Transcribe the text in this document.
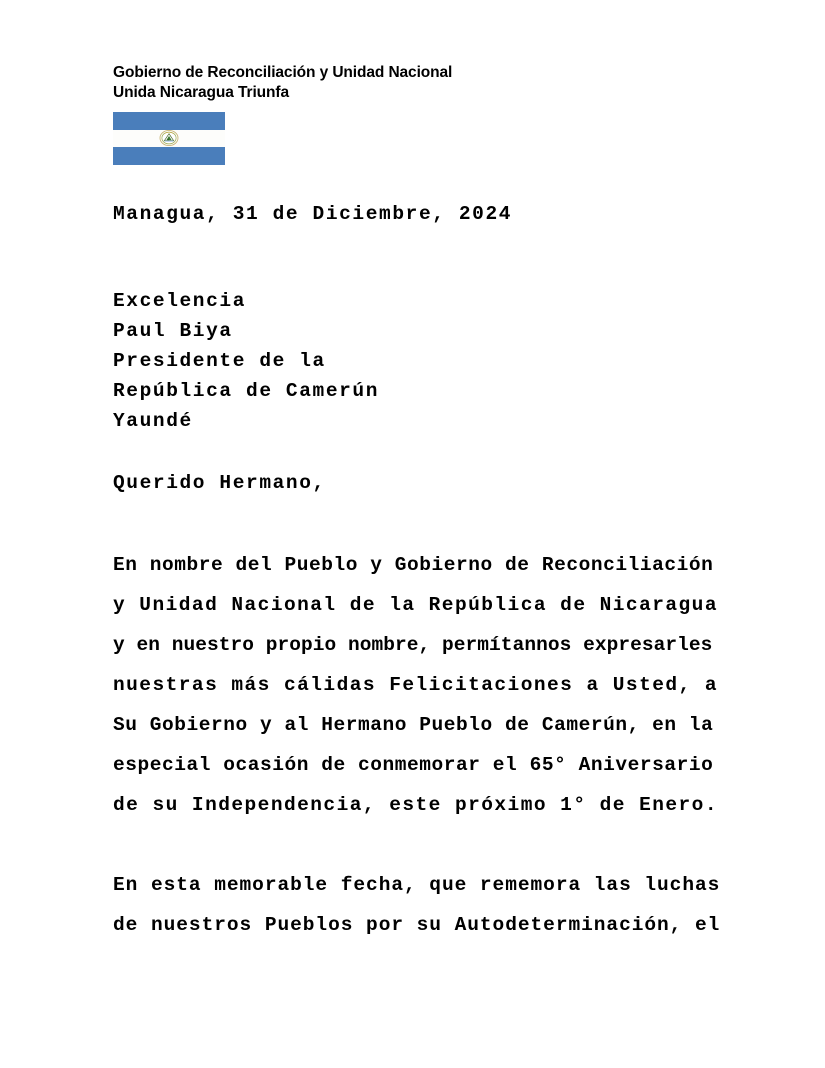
Gobierno de Reconciliación y Unidad Nacional
Unida Nicaragua Triunfa
Managua, 31 de Diciembre, 2024
Excelencia
Paul Biya
Presidente de la
República de Camerún
Yaundé
Querido Hermano,
En nombre del Pueblo y Gobierno de Reconciliación
y Unidad Nacional de la República de Nicaragua
y en nuestro propio nombre, permítannos expresarles
nuestras más cálidas Felicitaciones a Usted, a
Su Gobierno y al Hermano Pueblo de Camerún, en la
especial ocasión de conmemorar el 65° Aniversario
de su Independencia, este próximo 1° de Enero.
En esta memorable fecha, que rememora las luchas
de nuestros Pueblos por su Autodeterminación, el
